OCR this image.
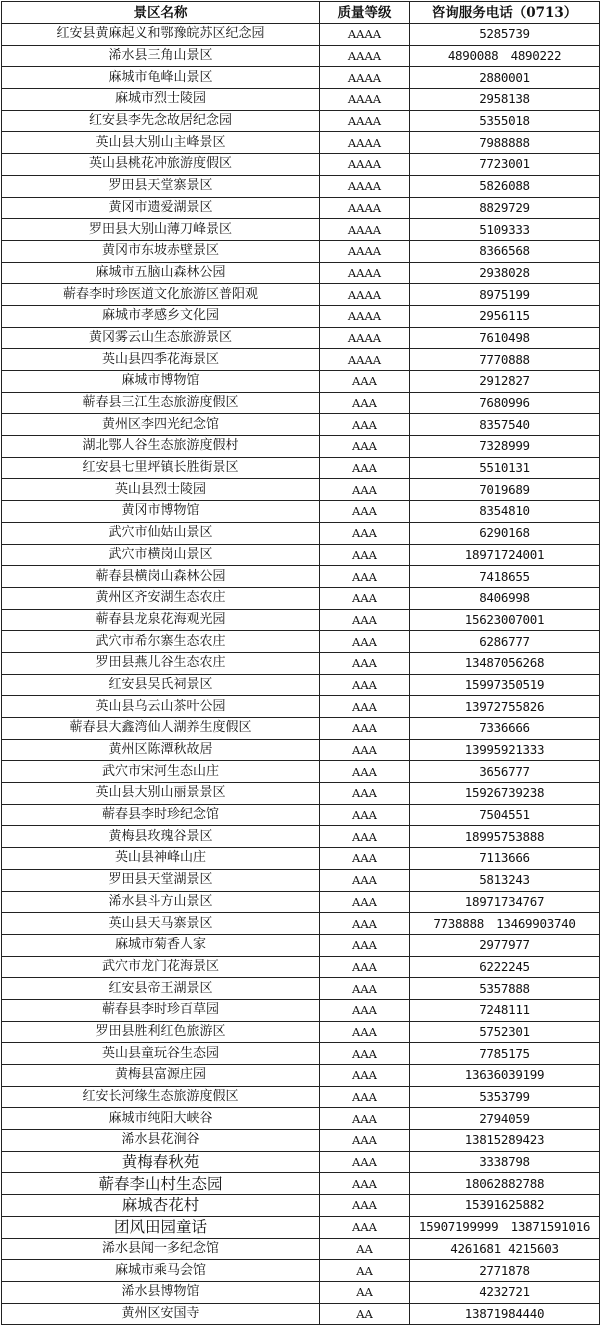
景区名称	质量等级	咨询服务电话（0713）
红安县黄麻起义和鄂豫皖苏区纪念园	AAAA	5285739
浠水县三角山景区	AAAA	4890088　4890222
麻城市龟峰山景区	AAAA	2880001
麻城市烈士陵园	AAAA	2958138
红安县李先念故居纪念园	AAAA	5355018
英山县大别山主峰景区	AAAA	7988888
英山县桃花冲旅游度假区	AAAA	7723001
罗田县天堂寨景区	AAAA	5826088
黄冈市遗爱湖景区	AAAA	8829729
罗田县大别山薄刀峰景区	AAAA	5109333
黄冈市东坡赤壁景区	AAAA	8366568
麻城市五脑山森林公园	AAAA	2938028
蕲春李时珍医道文化旅游区普阳观	AAAA	8975199
麻城市孝感乡文化园	AAAA	2956115
黄冈雾云山生态旅游景区	AAAA	7610498
英山县四季花海景区	AAAA	7770888
麻城市博物馆	AAA	2912827
蕲春县三江生态旅游度假区	AAA	7680996
黄州区李四光纪念馆	AAA	8357540
湖北鄂人谷生态旅游度假村	AAA	7328999
红安县七里坪镇长胜街景区	AAA	5510131
英山县烈士陵园	AAA	7019689
黄冈市博物馆	AAA	8354810
武穴市仙姑山景区	AAA	6290168
武穴市横岗山景区	AAA	18971724001
蕲春县横岗山森林公园	AAA	7418655
黄州区齐安湖生态农庄	AAA	8406998
蕲春县龙泉花海观光园	AAA	15623007001
武穴市希尔寨生态农庄	AAA	6286777
罗田县燕儿谷生态农庄	AAA	13487056268
红安县吴氏祠景区	AAA	15997350519
英山县乌云山茶叶公园	AAA	13972755826
蕲春县大鑫湾仙人湖养生度假区	AAA	7336666
黄州区陈潭秋故居	AAA	13995921333
武穴市宋河生态山庄	AAA	3656777
英山县大别山丽景景区	AAA	15926739238
蕲春县李时珍纪念馆	AAA	7504551
黄梅县玫瑰谷景区	AAA	18995753888
英山县神峰山庄	AAA	7113666
罗田县天堂湖景区	AAA	5813243
浠水县斗方山景区	AAA	18971734767
英山县天马寨景区	AAA	7738888　13469903740
麻城市菊香人家	AAA	2977977
武穴市龙门花海景区	AAA	6222245
红安县帝王湖景区	AAA	5357888
蕲春县李时珍百草园	AAA	7248111
罗田县胜利红色旅游区	AAA	5752301
英山县童玩谷生态园	AAA	7785175
黄梅县富源庄园	AAA	13636039199
红安长河缘生态旅游度假区	AAA	5353799
麻城市纯阳大峡谷	AAA	2794059
浠水县花涧谷	AAA	13815289423
黄梅春秋苑	AAA	3338798
蕲春李山村生态园	AAA	18062882788
麻城杏花村	AAA	15391625882
团风田园童话	AAA	15907199999　13871591016
浠水县闻一多纪念馆	AA	4261681 4215603
麻城市乘马会馆	AA	2771878
浠水县博物馆	AA	4232721
黄州区安国寺	AA	13871984440
